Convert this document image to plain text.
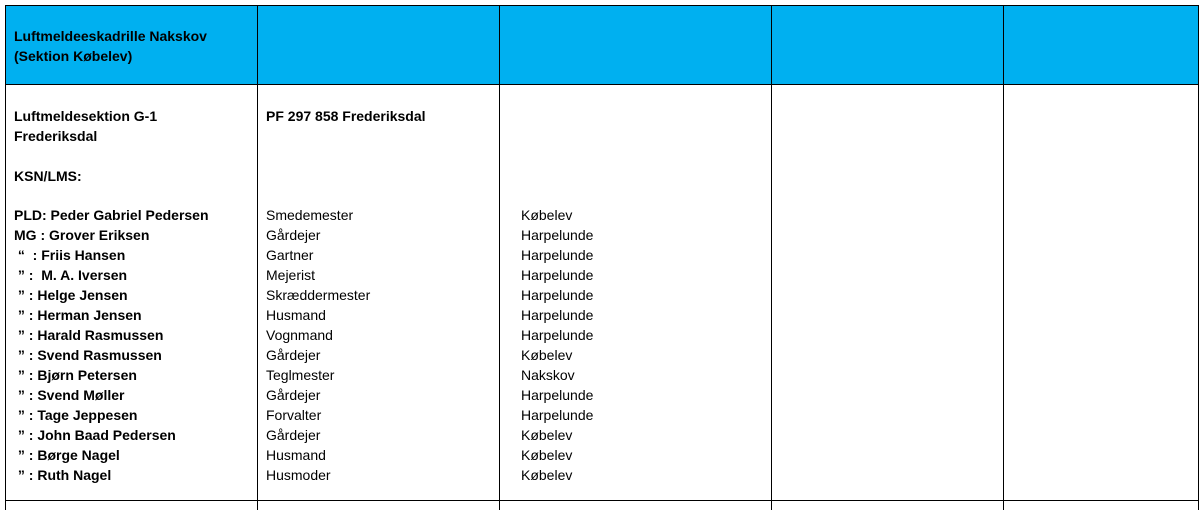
Luftmeldeeskadrille Nakskov
(Sektion Købelev)
Luftmeldesektion G-1
Frederiksdal
PF 297 858 Frederiksdal
KSN/LMS:
PLD: Peder Gabriel Pedersen
MG : Grover Eriksen
“  : Friis Hansen
” :  M. A. Iversen
” : Helge Jensen
” : Herman Jensen
” : Harald Rasmussen
” : Svend Rasmussen
” : Bjørn Petersen
” : Svend Møller
” : Tage Jeppesen
” : John Baad Pedersen
” : Børge Nagel
” : Ruth Nagel
Smedemester
Gårdejer
Gartner
Mejerist
Skræddermester
Husmand
Vognmand
Gårdejer
Teglmester
Gårdejer
Forvalter
Gårdejer
Husmand
Husmoder
Købelev
Harpelunde
Harpelunde
Harpelunde
Harpelunde
Harpelunde
Harpelunde
Købelev
Nakskov
Harpelunde
Harpelunde
Købelev
Købelev
Købelev
